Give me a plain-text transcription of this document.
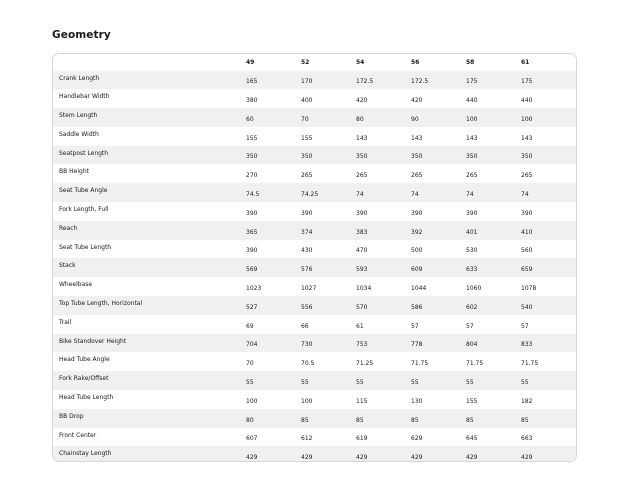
Geometry
	49	52	54	56	58	61
Crank Length	165	170	172.5	172.5	175	175
Handlebar Width	380	400	420	420	440	440
Stem Length	60	70	80	90	100	100
Saddle Width	155	155	143	143	143	143
Seatpost Length	350	350	350	350	350	350
BB Height	270	265	265	265	265	265
Seat Tube Angle	74.5	74.25	74	74	74	74
Fork Length, Full	390	390	390	390	390	390
Reach	365	374	383	392	401	410
Seat Tube Length	390	430	470	500	530	560
Stack	569	576	593	609	633	659
Wheelbase	1023	1027	1034	1044	1060	1078
Top Tube Length, Horizontal	527	556	570	586	602	540
Trail	69	66	61	57	57	57
Bike Standover Height	704	730	753	778	804	833
Head Tube Angle	70	70.5	71.25	71.75	71.75	71.75
Fork Rake/Offset	55	55	55	55	55	55
Head Tube Length	100	100	115	130	155	182
BB Drop	80	85	85	85	85	85
Front Center	607	612	619	629	645	663
Chainstay Length	429	429	429	429	429	429
